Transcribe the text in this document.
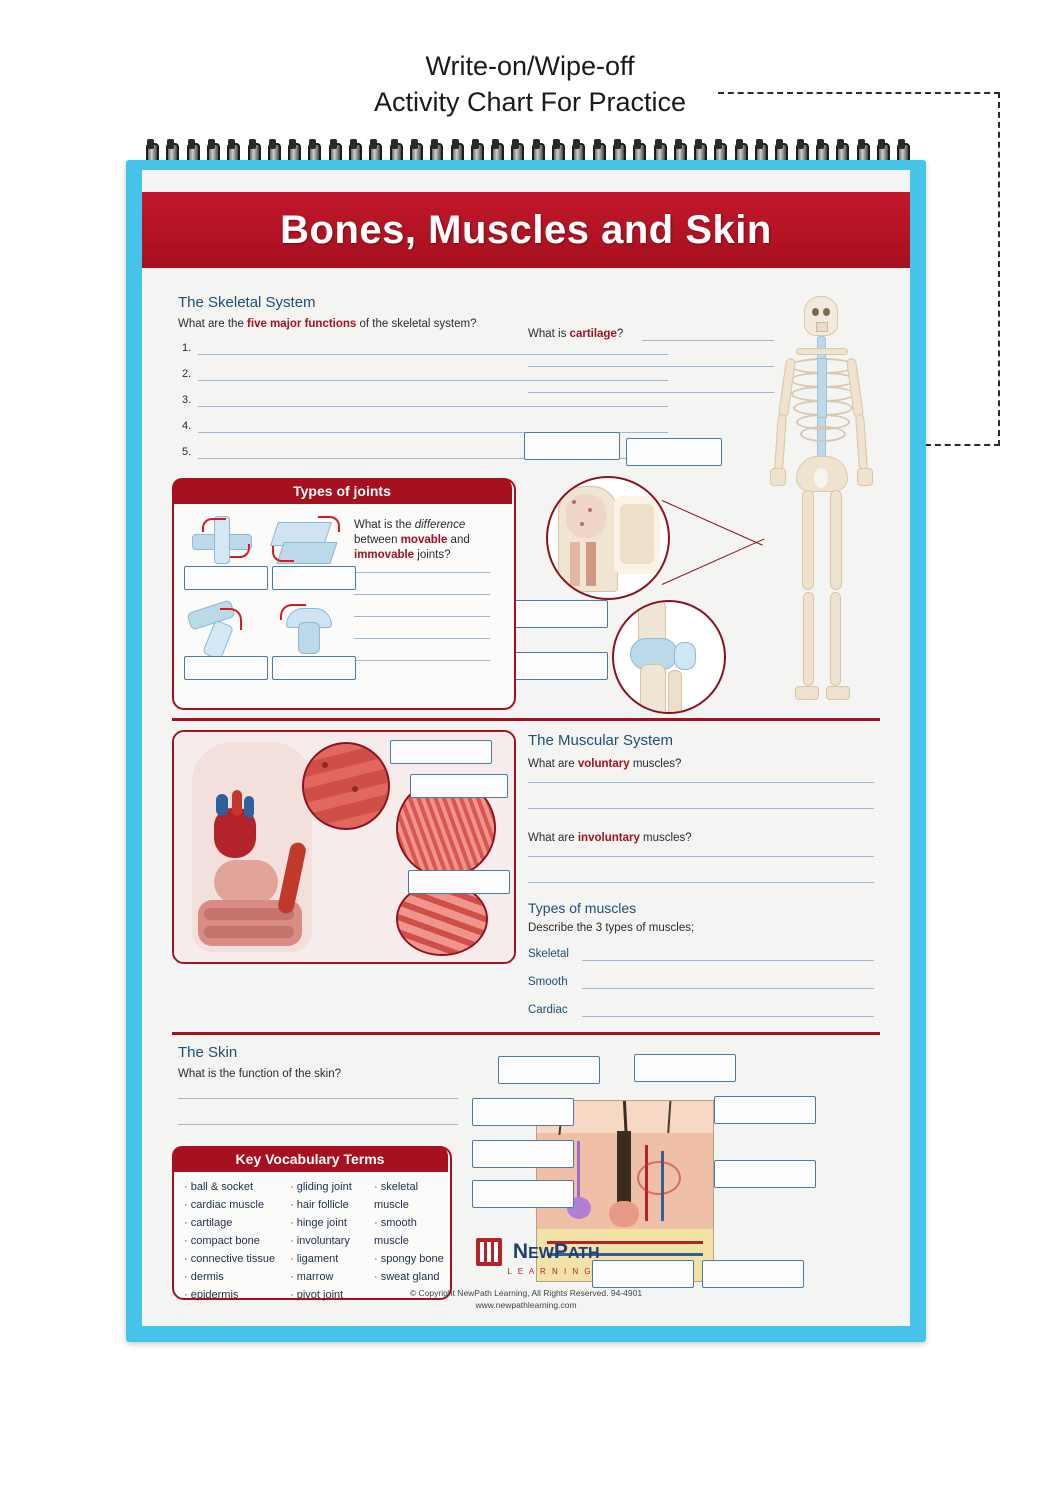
Write-on/Wipe-off
Activity Chart For Practice
Bones, Muscles and Skin
The Skeletal System
What are the five major functions of the skeletal system?
1.
2.
3.
4.
5.
What is cartilage?
Types of joints
What is the difference
between movable and
immovable joints?
The Muscular System
What are voluntary muscles?
What are involuntary muscles?
Types of muscles
Describe the 3 types of muscles;
Skeletal
Smooth
Cardiac
The Skin
What is the function of the skin?
Key Vocabulary Terms
· ball & socket
· cardiac muscle
· cartilage
· compact bone
· connective tissue
· dermis
· epidermis
· gliding joint
· hair follicle
· hinge joint
· involuntary
· ligament
· marrow
· pivot joint
· skeletal muscle
· smooth muscle
· spongy bone
· sweat gland
NEWPATH
L E A R N I N G
© Copyright NewPath Learning, All Rights Reserved. 94-4901
www.newpathlearning.com
